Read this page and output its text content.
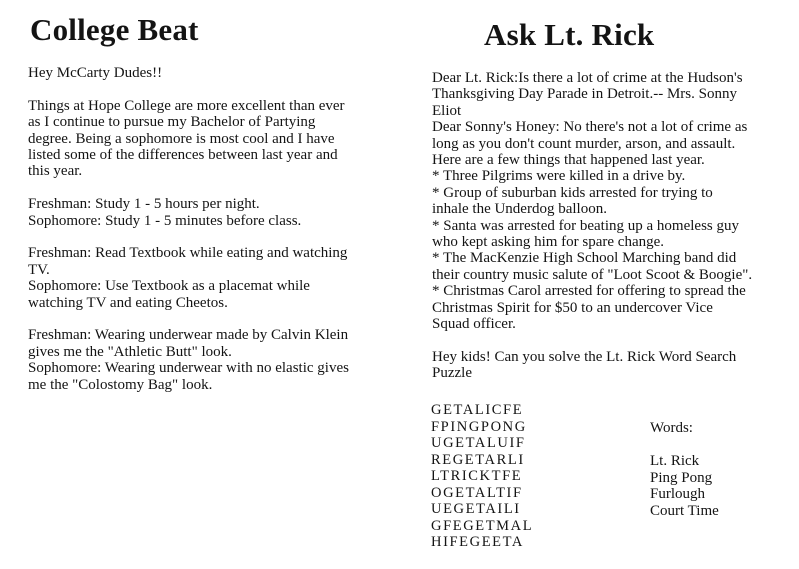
College Beat

Hey McCarty Dudes!!

Things at Hope College are more excellent than ever
as I continue to pursue my Bachelor of Partying
degree. Being a sophomore is most cool and I have
listed some of the differences between last year and
this year.

Freshman: Study 1 - 5 hours per night.
Sophomore: Study 1 - 5 minutes before class.

Freshman: Read Textbook while eating and watching
TV.
Sophomore: Use Textbook as a placemat while
watching TV and eating Cheetos.

Freshman: Wearing underwear made by Calvin Klein
gives me the "Athletic Butt" look.
Sophomore: Wearing underwear with no elastic gives
me the "Colostomy Bag" look.

Ask Lt. Rick

Dear Lt. Rick:Is there a lot of crime at the Hudson's
Thanksgiving Day Parade in Detroit.-- Mrs. Sonny
Eliot
Dear Sonny's Honey: No there's not a lot of crime as
long as you don't count murder, arson, and assault.
Here are a few things that happened last year.
* Three Pilgrims were killed in a drive by.
* Group of suburban kids arrested for trying to
inhale the Underdog balloon.
* Santa was arrested for beating up a homeless guy
who kept asking him for spare change.
* The MacKenzie High School Marching band did
their country music salute of "Loot Scoot & Boogie".
* Christmas Carol arrested for offering to spread the
Christmas Spirit for $50 to an undercover Vice
Squad officer.

Hey kids! Can you solve the Lt. Rick Word Search
Puzzle

GETALICFE
FPINGPONG
UGETALUIF
REGETARLI
LTRICKTFE
OGETALTIF
UEGETAILI
GFEGETMAL
HIFEGEETA
Words:
Lt. Rick
Ping Pong
Furlough
Court Time
